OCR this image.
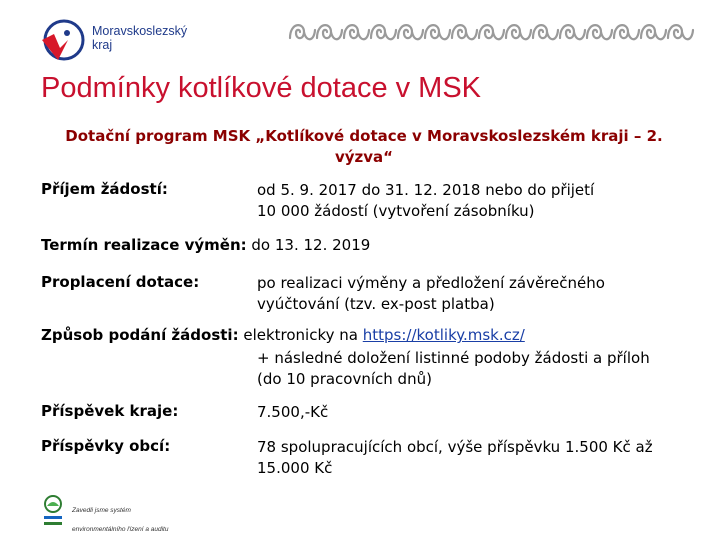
Moravskoslezský
kraj
Podmínky kotlíkové dotace v MSK
Dotační program MSK „Kotlíkové dotace v Moravskoslezském kraji – 2. výzva“
Příjem žádostí:	od 5. 9. 2017 do 31. 12. 2018 nebo do přijetí
10 000 žádostí (vytvoření zásobníku)
Termín realizace výměn: do 13. 12. 2019
Proplacení dotace:	po realizaci výměny a předložení závěrečného
vyúčtování (tzv. ex-post platba)
Způsob podání žádosti: elektronicky na https://kotliky.msk.cz/
+ následné doložení listinné podoby žádosti a příloh
(do 10 pracovních dnů)
Příspěvek kraje:	7.500,-Kč
Příspěvky obcí:	78 spolupracujících obcí, výše příspěvku 1.500 Kč až
15.000 Kč
Zavedli jsme systém
environmentálního řízení a auditu
